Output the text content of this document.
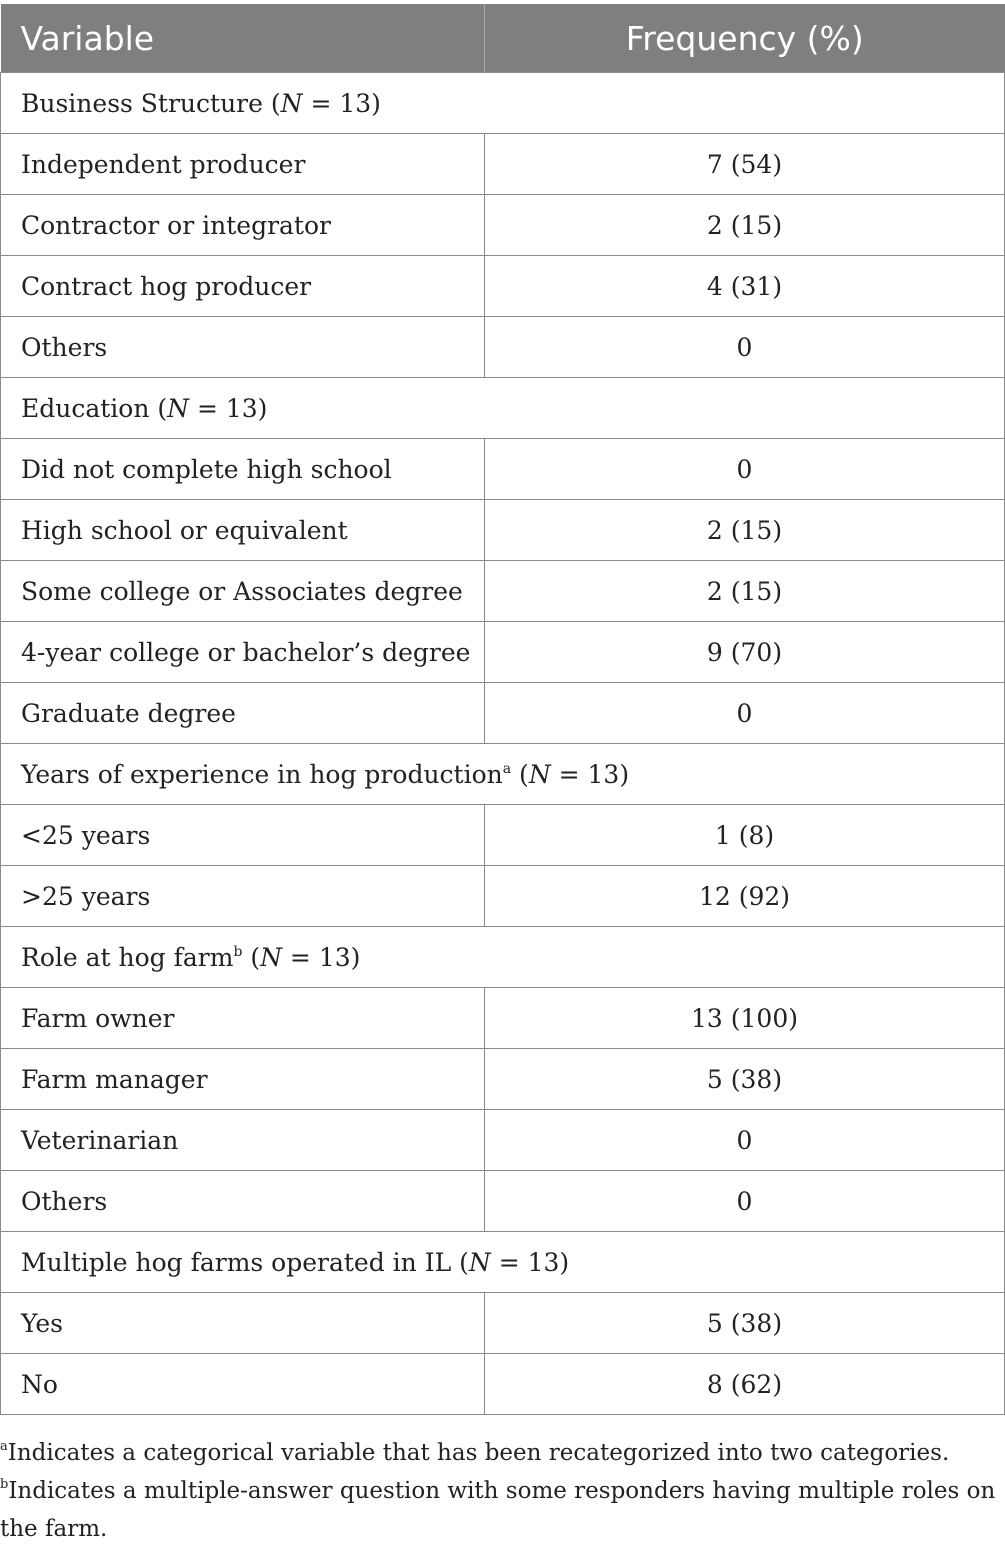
Variable	Frequency (%)
Business Structure (N = 13)	
Independent producer	7 (54)
Contractor or integrator	2 (15)
Contract hog producer	4 (31)
Others	0
Education (N = 13)	
Did not complete high school	0
High school or equivalent	2 (15)
Some college or Associates degree	2 (15)
4-year college or bachelor’s degree	9 (70)
Graduate degree	0
Years of experience in hog production$^a$ (N = 13)	
<25 years	1 (8)
>25 years	12 (92)
Role at hog farm$^b$ (N = 13)	
Farm owner	13 (100)
Farm manager	5 (38)
Veterinarian	0
Others	0
Multiple hog farms operated in IL (N = 13)	
Yes	5 (38)
No	8 (62)

$^a$Indicates a categorical variable that has been recategorized into two categories.

$^b$Indicates a multiple-answer question with some responders having multiple roles on the farm.
